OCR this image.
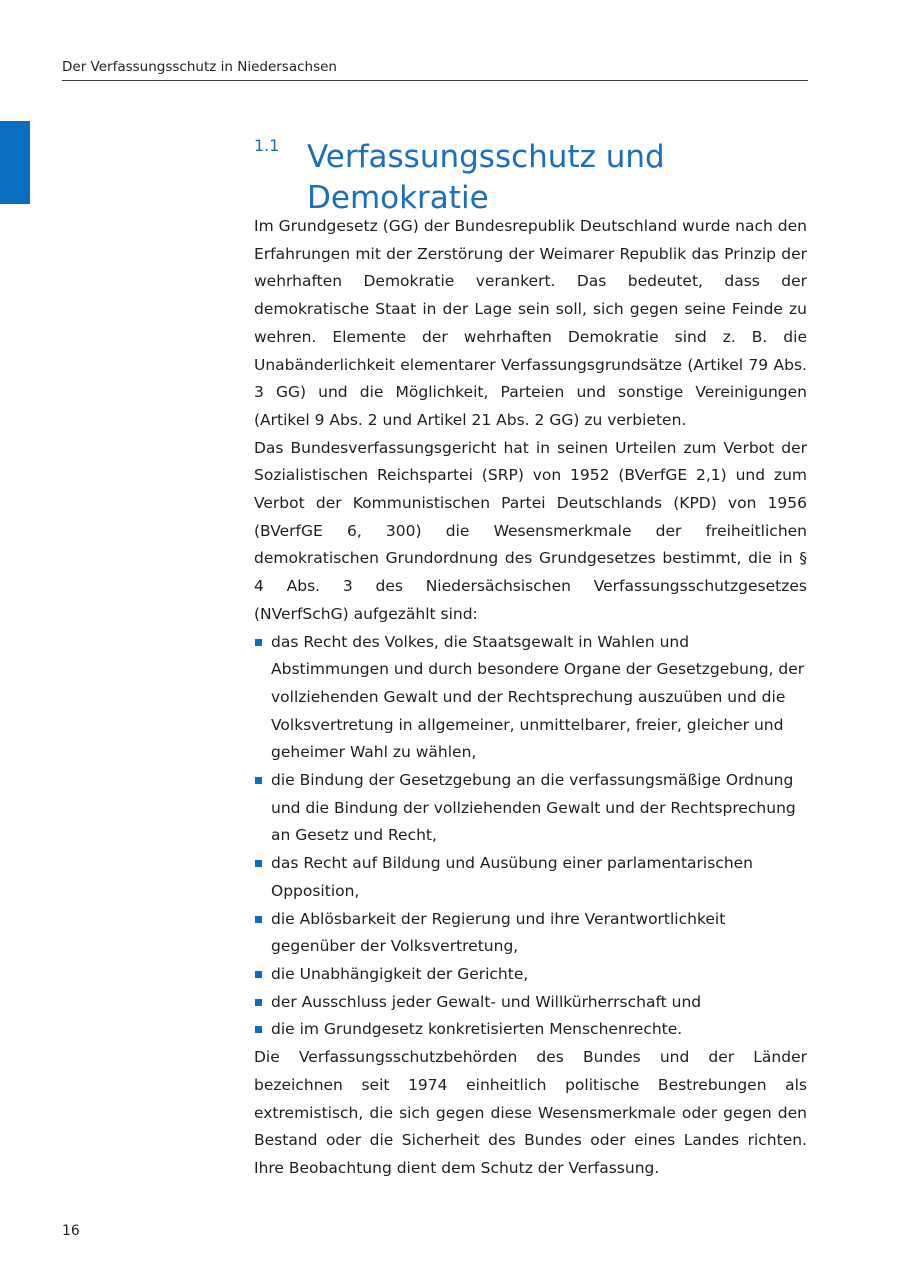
Der Verfassungsschutz in Niedersachsen
1.1 Verfassungsschutz und Demokratie

Im Grundgesetz (GG) der Bundesrepublik Deutschland wurde nach den Erfahrungen mit der Zerstörung der Weimarer Republik das Prinzip der wehrhaften Demokratie verankert. Das bedeutet, dass der demokratische Staat in der Lage sein soll, sich gegen seine Feinde zu wehren. Elemente der wehrhaften Demokratie sind z. B. die Unabänderlichkeit elementarer Verfassungsgrundsätze (Artikel 79 Abs. 3 GG) und die Möglichkeit, Parteien und sonstige Vereinigungen (Artikel 9 Abs. 2 und Artikel 21 Abs. 2 GG) zu verbieten.

Das Bundesverfassungsgericht hat in seinen Urteilen zum Verbot der Sozialistischen Reichspartei (SRP) von 1952 (BVerfGE 2,1) und zum Verbot der Kommunistischen Partei Deutschlands (KPD) von 1956 (BVerfGE 6, 300) die Wesensmerkmale der freiheitlichen demokratischen Grundordnung des Grundgesetzes bestimmt, die in § 4 Abs. 3 des Niedersächsischen Verfassungsschutzgesetzes (NVerfSchG) aufgezählt sind:

das Recht des Volkes, die Staatsgewalt in Wahlen und Abstimmungen und durch besondere Organe der Gesetzgebung, der vollziehenden Gewalt und der Rechtsprechung auszuüben und die Volksvertretung in allgemeiner, unmittelbarer, freier, gleicher und geheimer Wahl zu wählen,
die Bindung der Gesetzgebung an die verfassungsmäßige Ordnung und die Bindung der vollziehenden Gewalt und der Rechtsprechung an Gesetz und Recht,
das Recht auf Bildung und Ausübung einer parlamentarischen Opposition,
die Ablösbarkeit der Regierung und ihre Verantwortlichkeit gegenüber der Volksvertretung,
die Unabhängigkeit der Gerichte,
der Ausschluss jeder Gewalt- und Willkürherrschaft und
die im Grundgesetz konkretisierten Menschenrechte.

Die Verfassungsschutzbehörden des Bundes und der Länder bezeichnen seit 1974 einheitlich politische Bestrebungen als extremistisch, die sich gegen diese Wesensmerkmale oder gegen den Bestand oder die Sicherheit des Bundes oder eines Landes richten. Ihre Beobachtung dient dem Schutz der Verfassung.

16
